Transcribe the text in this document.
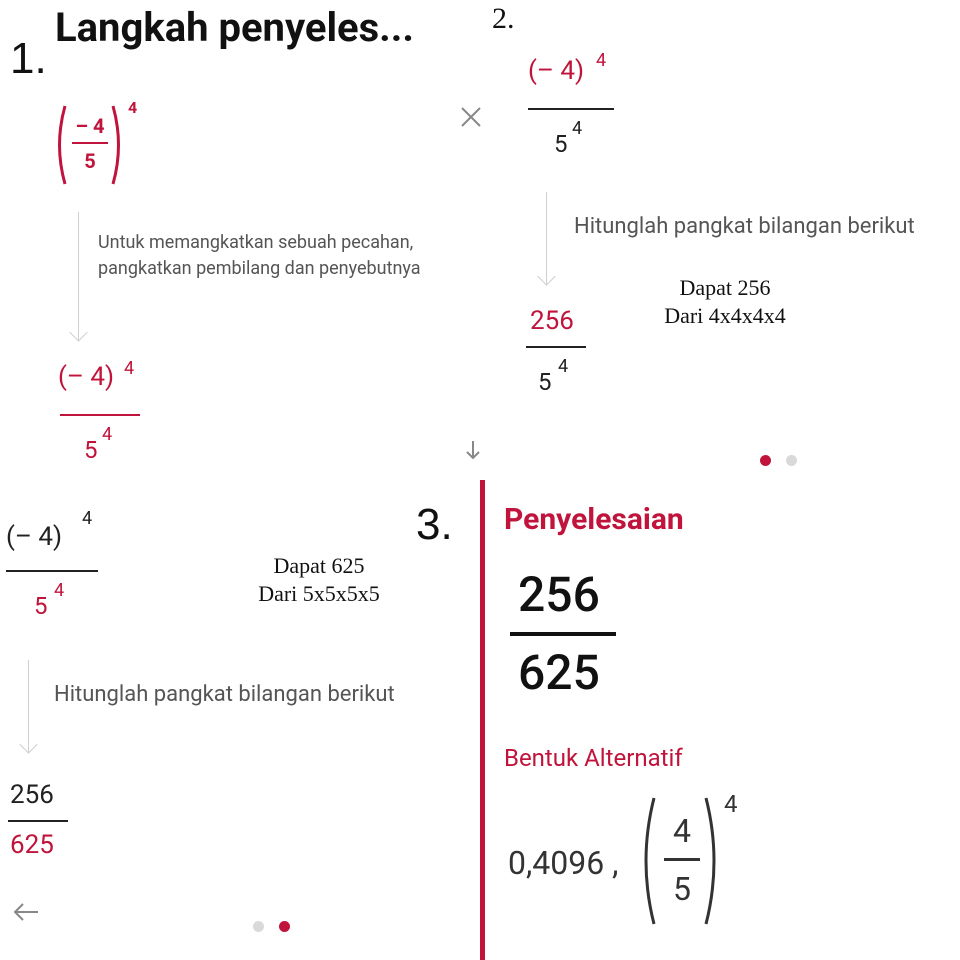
1.
Langkah penyeles...
– 4
5
4
Untuk memangkatkan sebuah pecahan, pangkatkan pembilang dan penyebutnya
(– 4) 4
5
4
2.
(– 4) 4
5
4
Hitunglah pangkat bilangan berikut
256
5
4
Dapat 256
Dari 4x4x4x4
(– 4)
4
5
4
Dapat 625
Dari 5x5x5x5
Hitunglah pangkat bilangan berikut
256
625
3. Penyelesaian
256
625
Bentuk Alternatif
0,4096 ,
4
5
4
